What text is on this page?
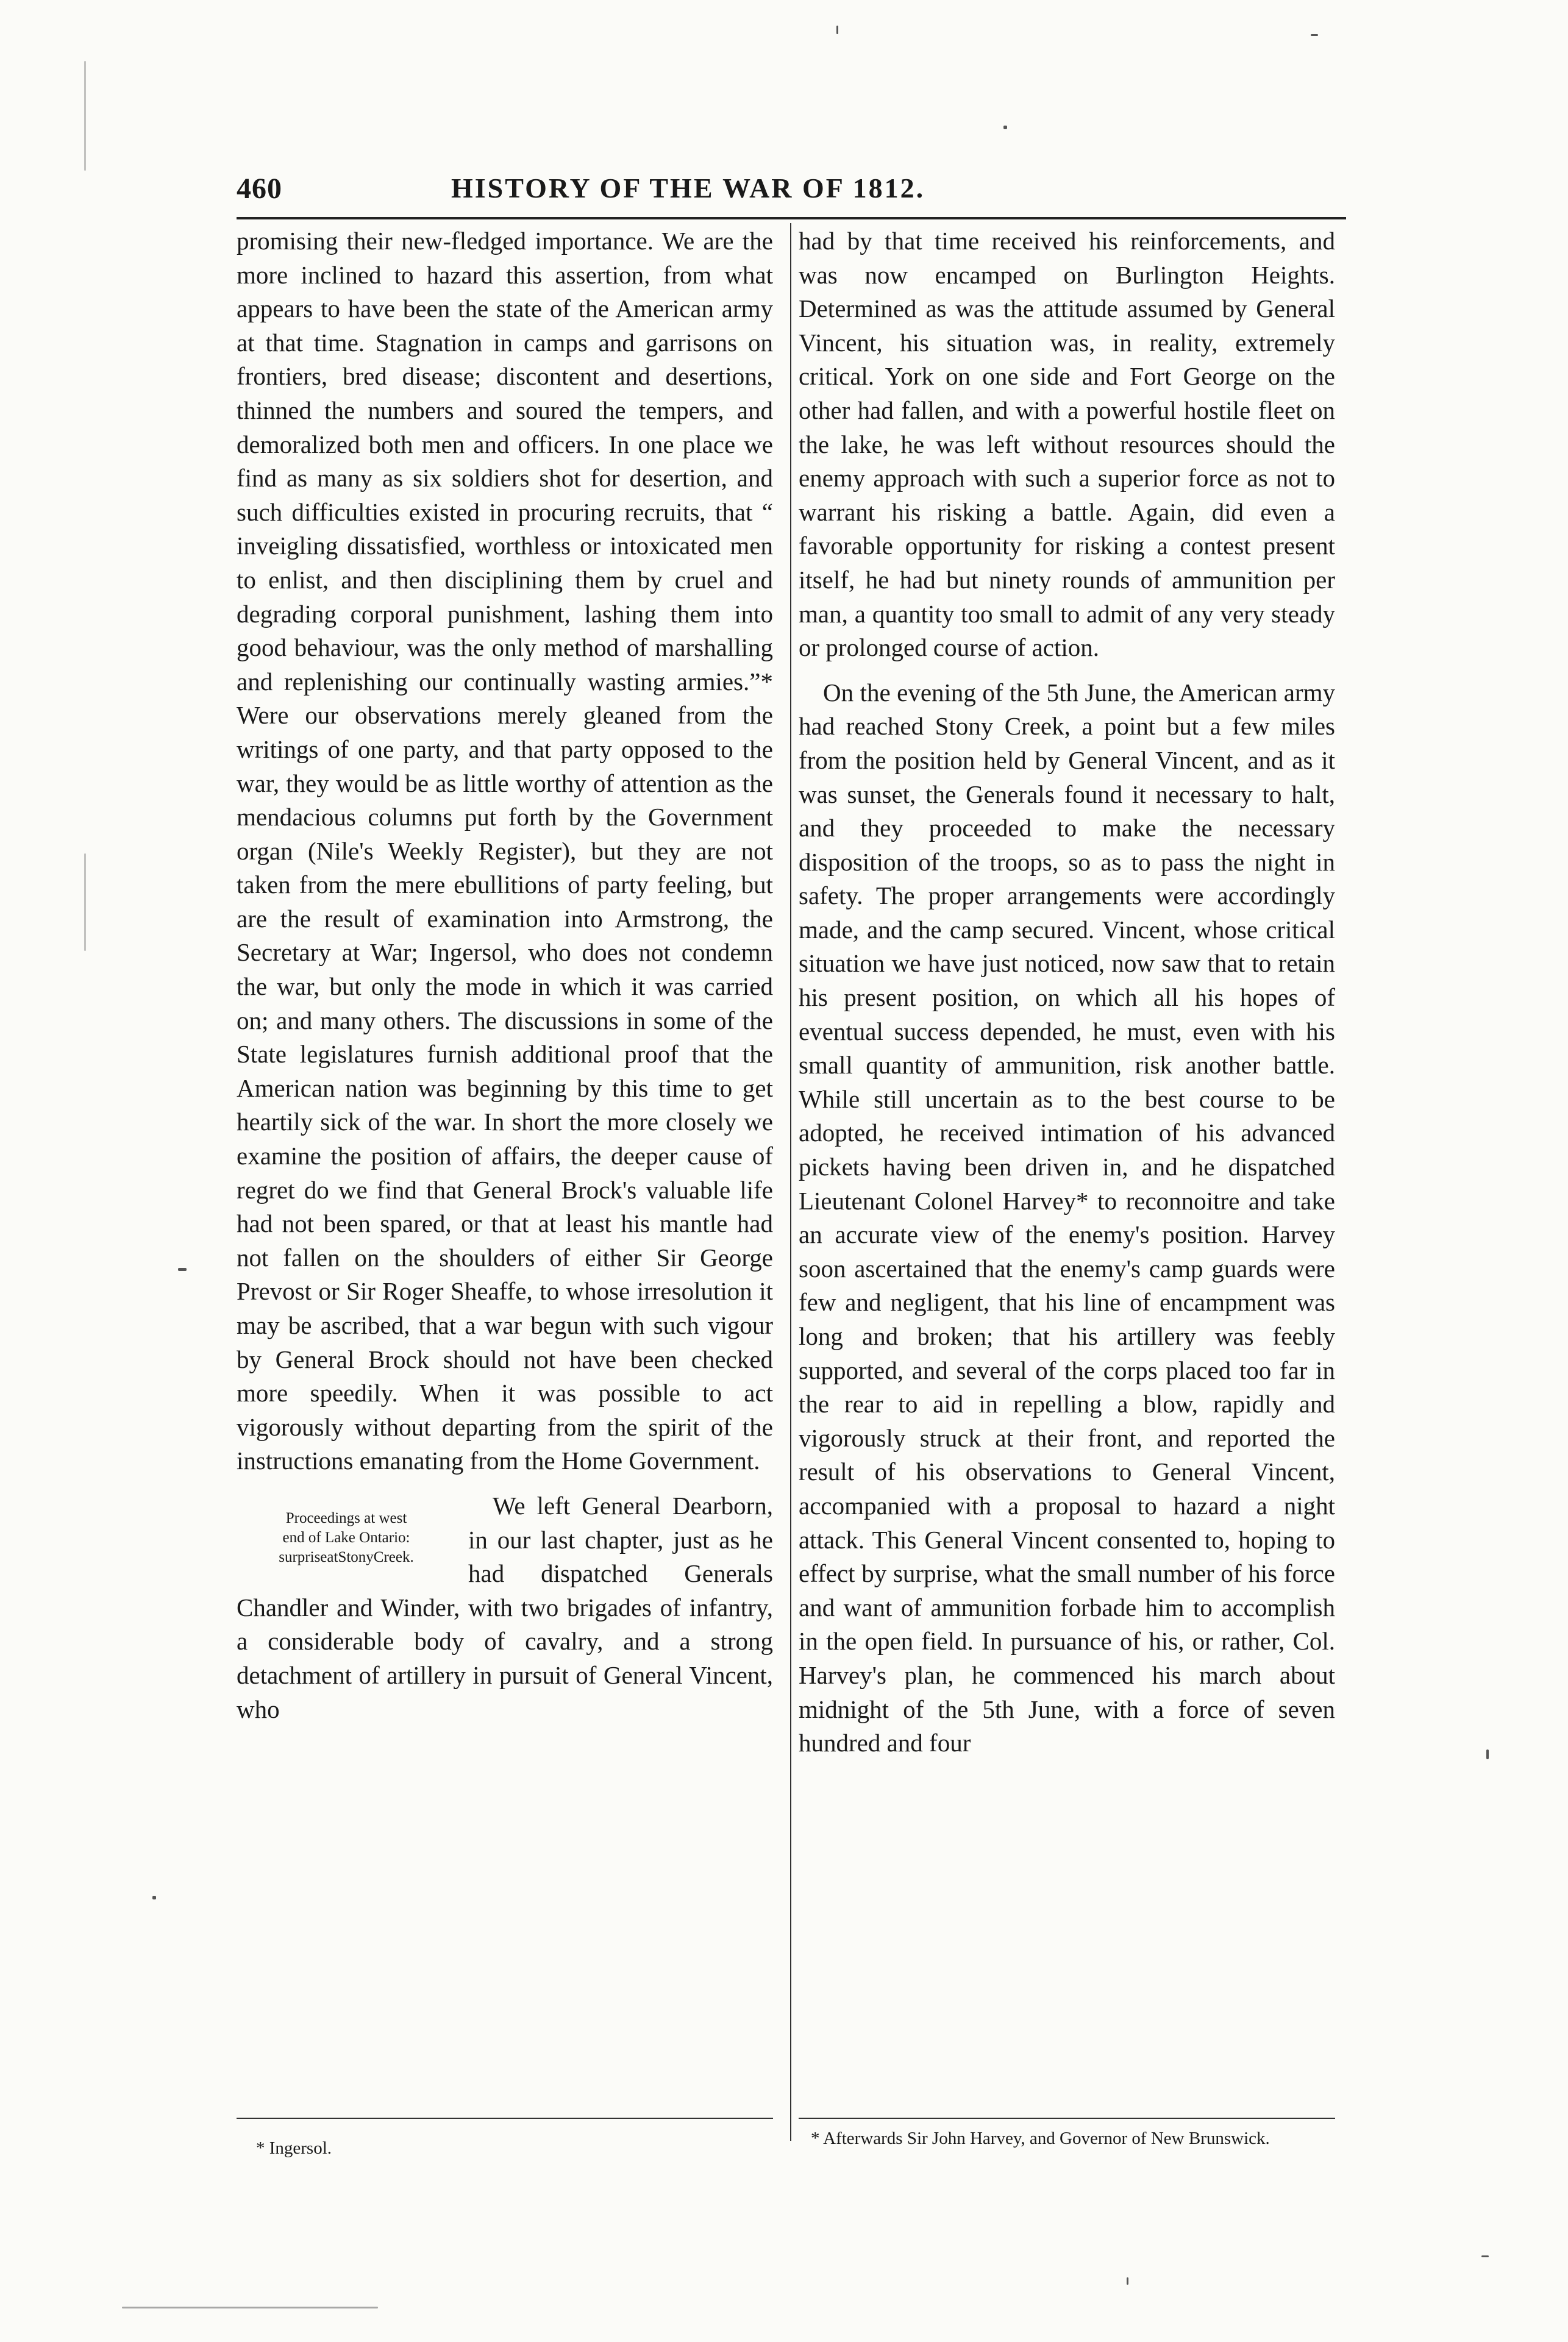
460	HISTORY OF THE WAR OF 1812.

promising their new-fledged importance. We are the more inclined to hazard this assertion, from what appears to have been the state of the American army at that time. Stagnation in camps and garrisons on frontiers, bred disease; discontent and desertions, thinned the numbers and soured the tempers, and demoralized both men and officers. In one place we find as many as six soldiers shot for desertion, and such difficulties existed in procuring recruits, that “ inveigling dissatisfied, worthless or intoxicated men to enlist, and then disciplining them by cruel and degrading corporal punishment, lashing them into good behaviour, was the only method of marshalling and replenishing our continually wasting armies.”* Were our observations merely gleaned from the writings of one party, and that party opposed to the war, they would be as little worthy of attention as the mendacious columns put forth by the Government organ (Nile's Weekly Register), but they are not taken from the mere ebullitions of party feeling, but are the result of examination into Armstrong, the Secretary at War; Ingersol, who does not condemn the war, but only the mode in which it was carried on; and many others. The discussions in some of the State legislatures furnish additional proof that the American nation was beginning by this time to get heartily sick of the war. In short the more closely we examine the position of affairs, the deeper cause of regret do we find that General Brock's valuable life had not been spared, or that at least his mantle had not fallen on the shoulders of either Sir George Prevost or Sir Roger Sheaffe, to whose irresolution it may be ascribed, that a war begun with such vigour by General Brock should not have been checked more speedily. When it was possible to act vigorously without departing from the spirit of the instructions emanating from the Home Government.

Proceedings at west
end of Lake Ontario:
surpriseatStonyCreek.

We left General Dearborn, in our last chapter, just as he had dispatched Generals Chandler and Winder, with two brigades of infantry, a considerable body of cavalry, and a strong detachment of artillery in pursuit of General Vincent, who

had by that time received his reinforcements, and was now encamped on Burlington Heights. Determined as was the attitude assumed by General Vincent, his situation was, in reality, extremely critical. York on one side and Fort George on the other had fallen, and with a powerful hostile fleet on the lake, he was left without resources should the enemy approach with such a superior force as not to warrant his risking a battle. Again, did even a favorable opportunity for risking a contest present itself, he had but ninety rounds of ammunition per man, a quantity too small to admit of any very steady or prolonged course of action.

On the evening of the 5th June, the American army had reached Stony Creek, a point but a few miles from the position held by General Vincent, and as it was sunset, the Generals found it necessary to halt, and they proceeded to make the necessary disposition of the troops, so as to pass the night in safety. The proper arrangements were accordingly made, and the camp secured. Vincent, whose critical situation we have just noticed, now saw that to retain his present position, on which all his hopes of eventual success depended, he must, even with his small quantity of ammunition, risk another battle. While still uncertain as to the best course to be adopted, he received intimation of his advanced pickets having been driven in, and he dispatched Lieutenant Colonel Harvey* to reconnoitre and take an accurate view of the enemy's position. Harvey soon ascertained that the enemy's camp guards were few and negligent, that his line of encampment was long and broken; that his artillery was feebly supported, and several of the corps placed too far in the rear to aid in repelling a blow, rapidly and vigorously struck at their front, and reported the result of his observations to General Vincent, accompanied with a proposal to hazard a night attack. This General Vincent consented to, hoping to effect by surprise, what the small number of his force and want of ammunition forbade him to accomplish in the open field. In pursuance of his, or rather, Col. Harvey's plan, he commenced his march about midnight of the 5th June, with a force of seven hundred and four

* Ingersol.	* Afterwards Sir John Harvey, and Governor of New Brunswick.
